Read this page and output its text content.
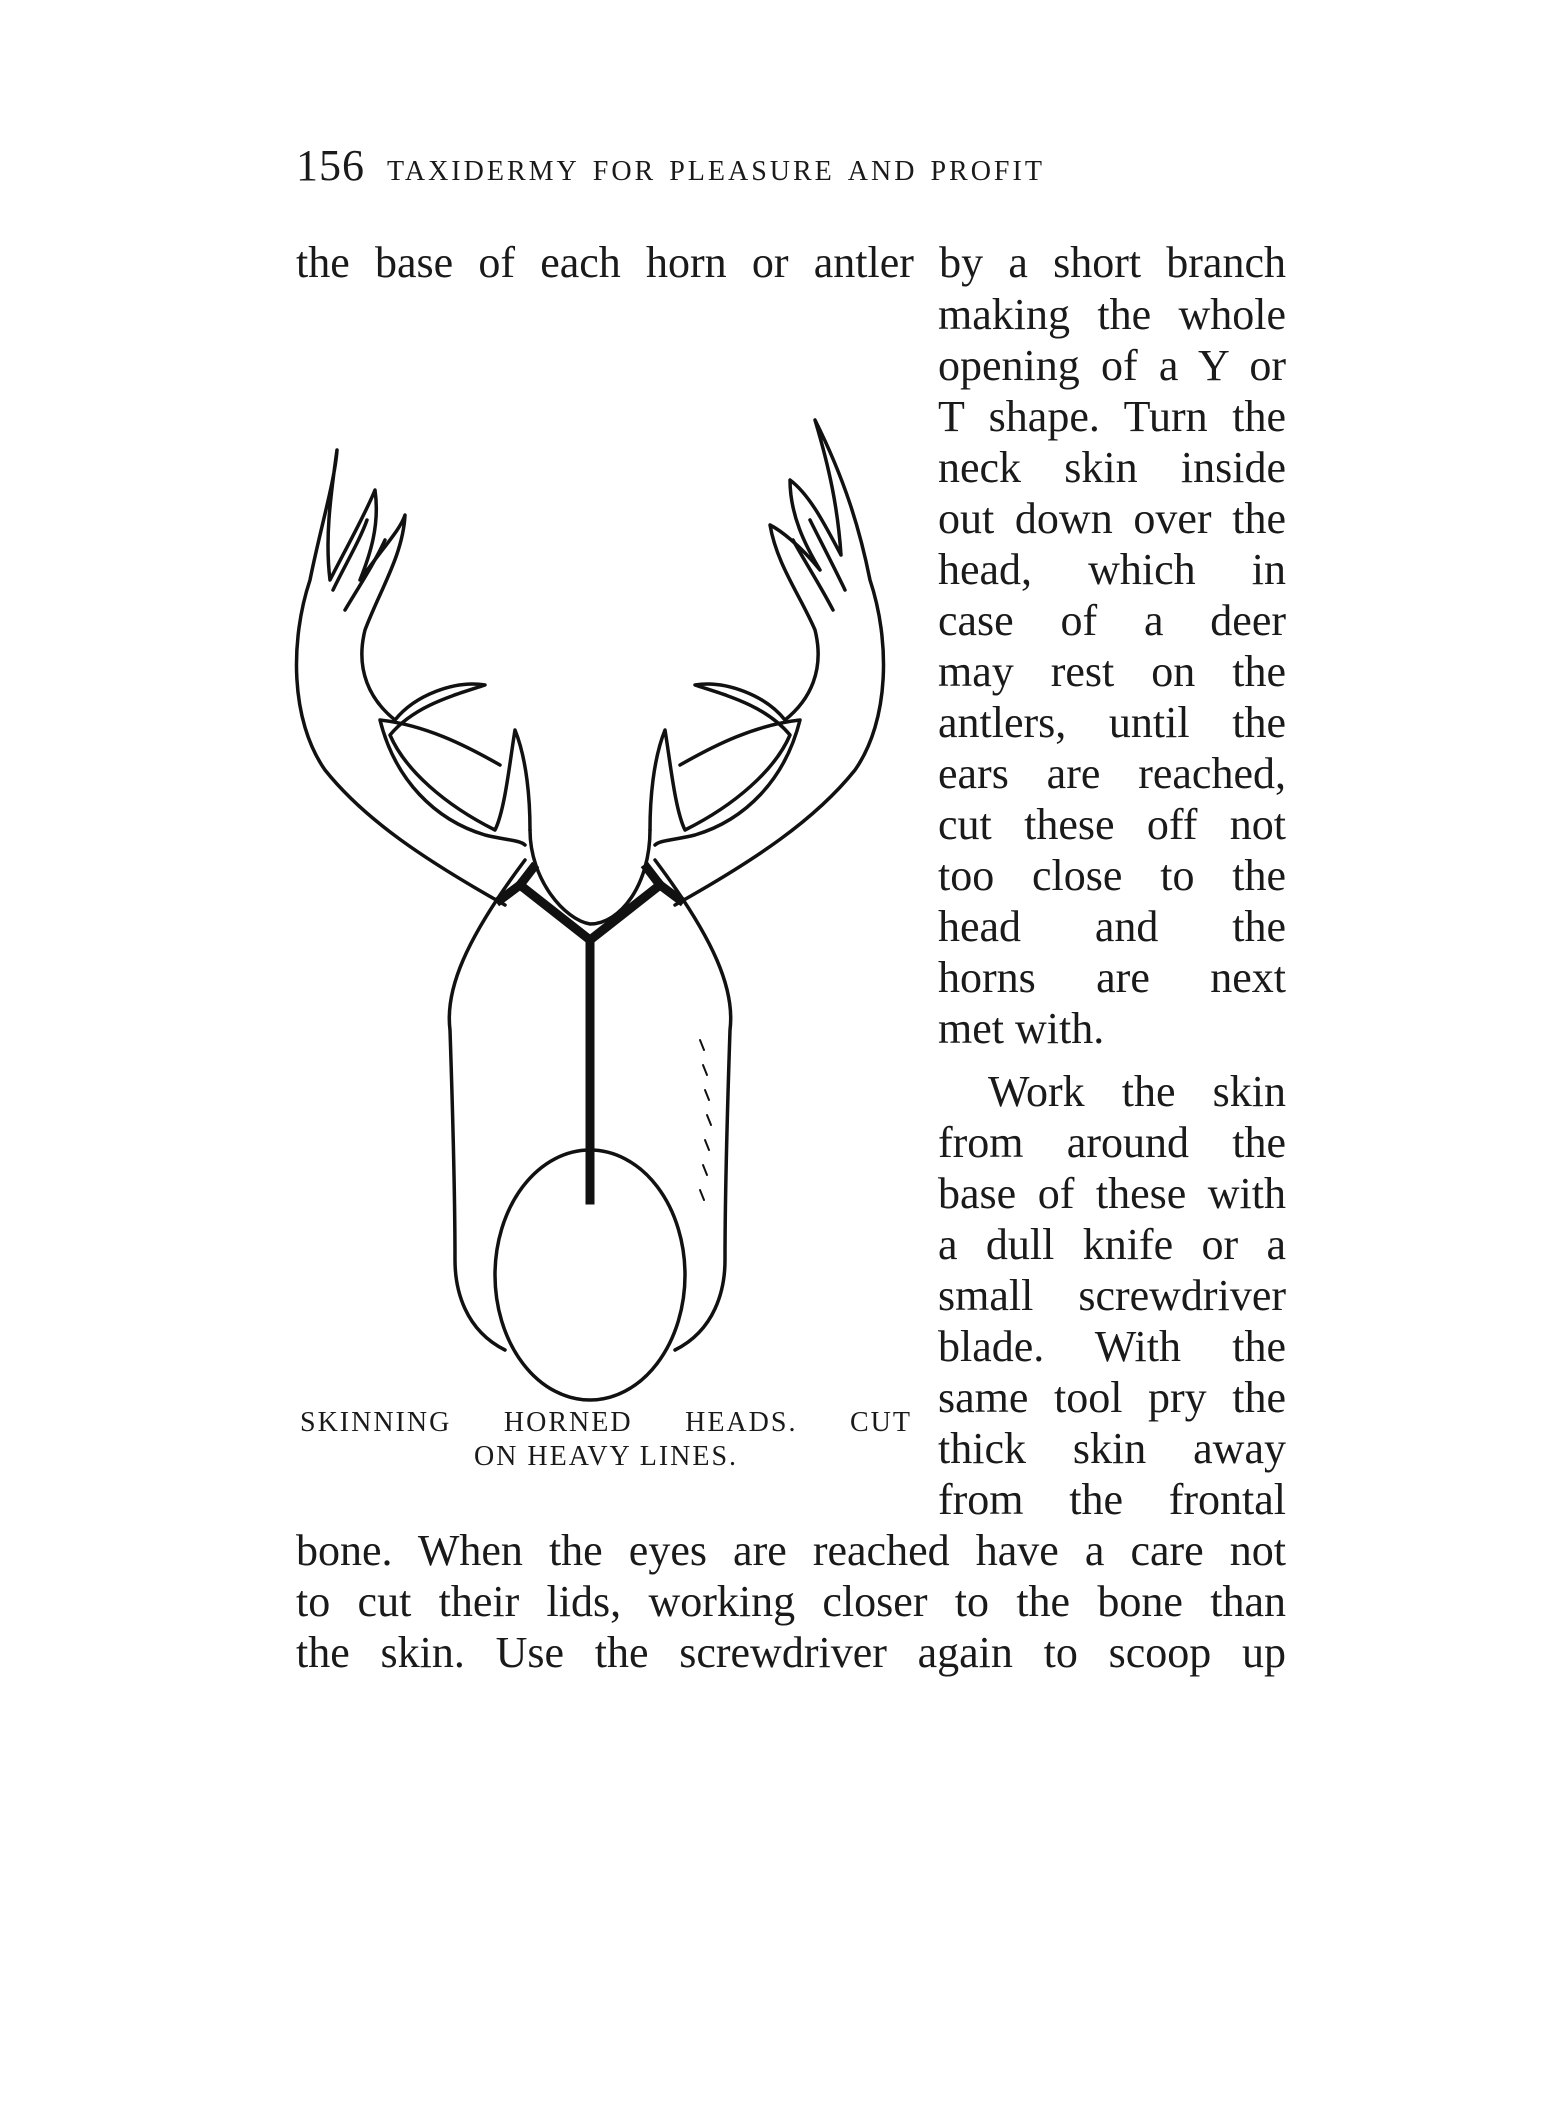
156 taxidermy for pleasure and profit
the base of each horn or antler by a short branch
making the whole
opening of a Y or
T shape. Turn the
neck skin inside
out down over the
head, which in
case of a deer
may rest on the
antlers, until the
ears are reached,
cut these off not
too close to the
head and the
horns are next
met with.
Work the skin
from around the
base of these with
a dull knife or a
small screwdriver
blade. With the
same tool pry the
thick skin away
from the frontal
bone. When the eyes are reached have a care not
to cut their lids, working closer to the bone than
the skin. Use the screwdriver again to scoop up
SKINNING HORNED HEADS. CUT
ON HEAVY LINES.
